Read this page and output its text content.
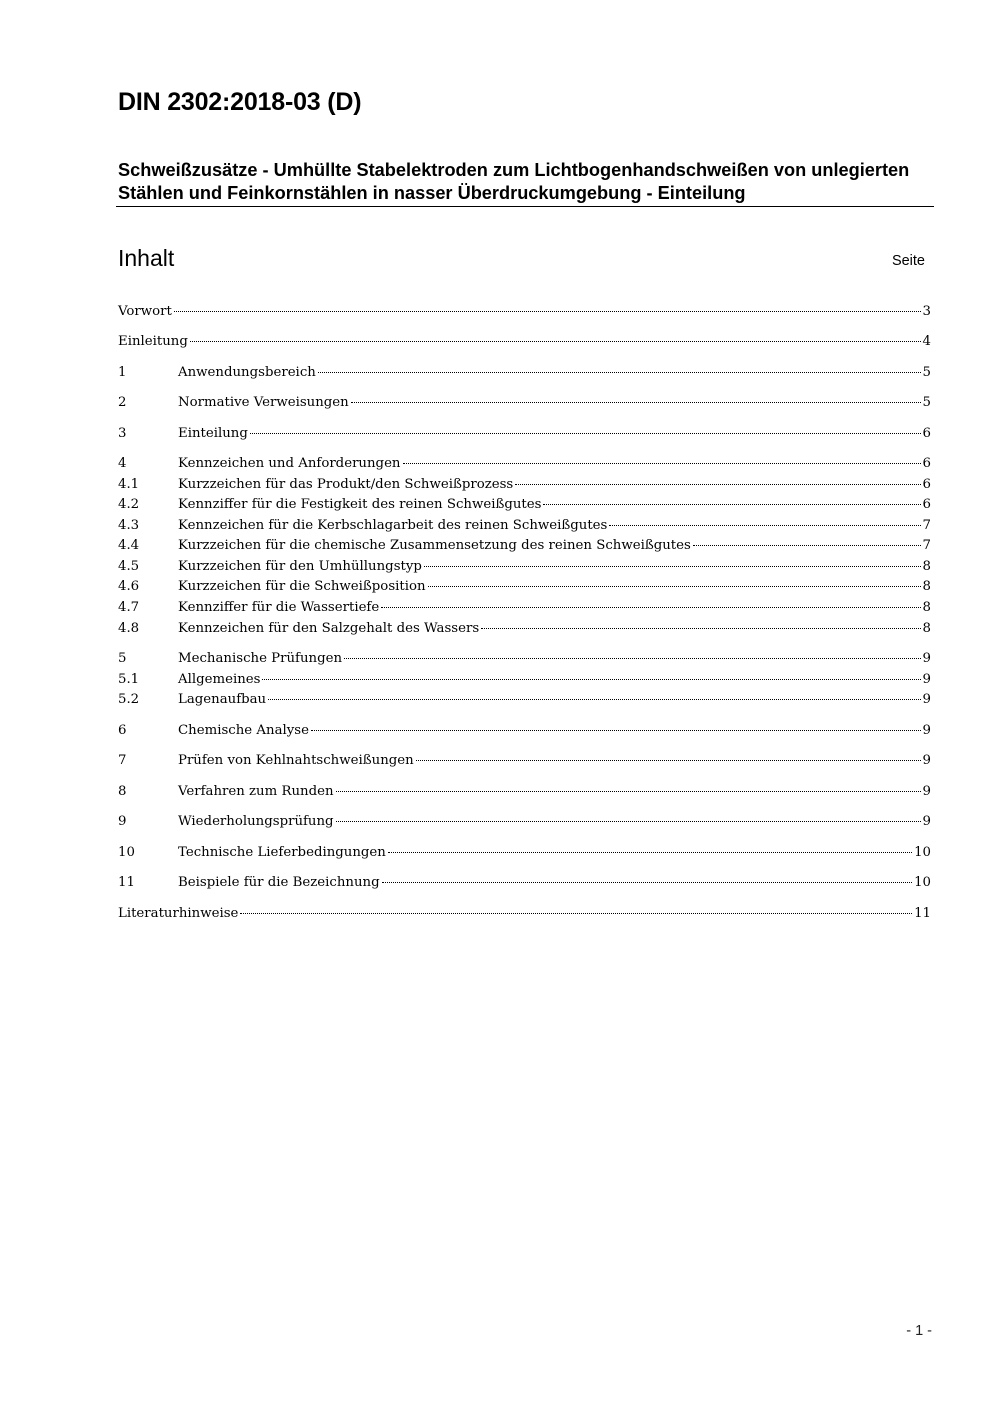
DIN 2302:2018-03 (D)
Schweißzusätze - Umhüllte Stabelektroden zum Lichtbogenhandschweißen von unlegierten Stählen und Feinkornstählen in nasser Überdruckumgebung - Einteilung
Inhalt	Seite
Vorwort	3
Einleitung	4
1	Anwendungsbereich	5
2	Normative Verweisungen	5
3	Einteilung	6
4	Kennzeichen und Anforderungen	6
4.1	Kurzzeichen für das Produkt/den Schweißprozess	6
4.2	Kennziffer für die Festigkeit des reinen Schweißgutes	6
4.3	Kennzeichen für die Kerbschlagarbeit des reinen Schweißgutes	7
4.4	Kurzzeichen für die chemische Zusammensetzung des reinen Schweißgutes	7
4.5	Kurzzeichen für den Umhüllungstyp	8
4.6	Kurzzeichen für die Schweißposition	8
4.7	Kennziffer für die Wassertiefe	8
4.8	Kennzeichen für den Salzgehalt des Wassers	8
5	Mechanische Prüfungen	9
5.1	Allgemeines	9
5.2	Lagenaufbau	9
6	Chemische Analyse	9
7	Prüfen von Kehlnahtschweißungen	9
8	Verfahren zum Runden	9
9	Wiederholungsprüfung	9
10	Technische Lieferbedingungen	10
11	Beispiele für die Bezeichnung	10
Literaturhinweise	11
- 1 -
